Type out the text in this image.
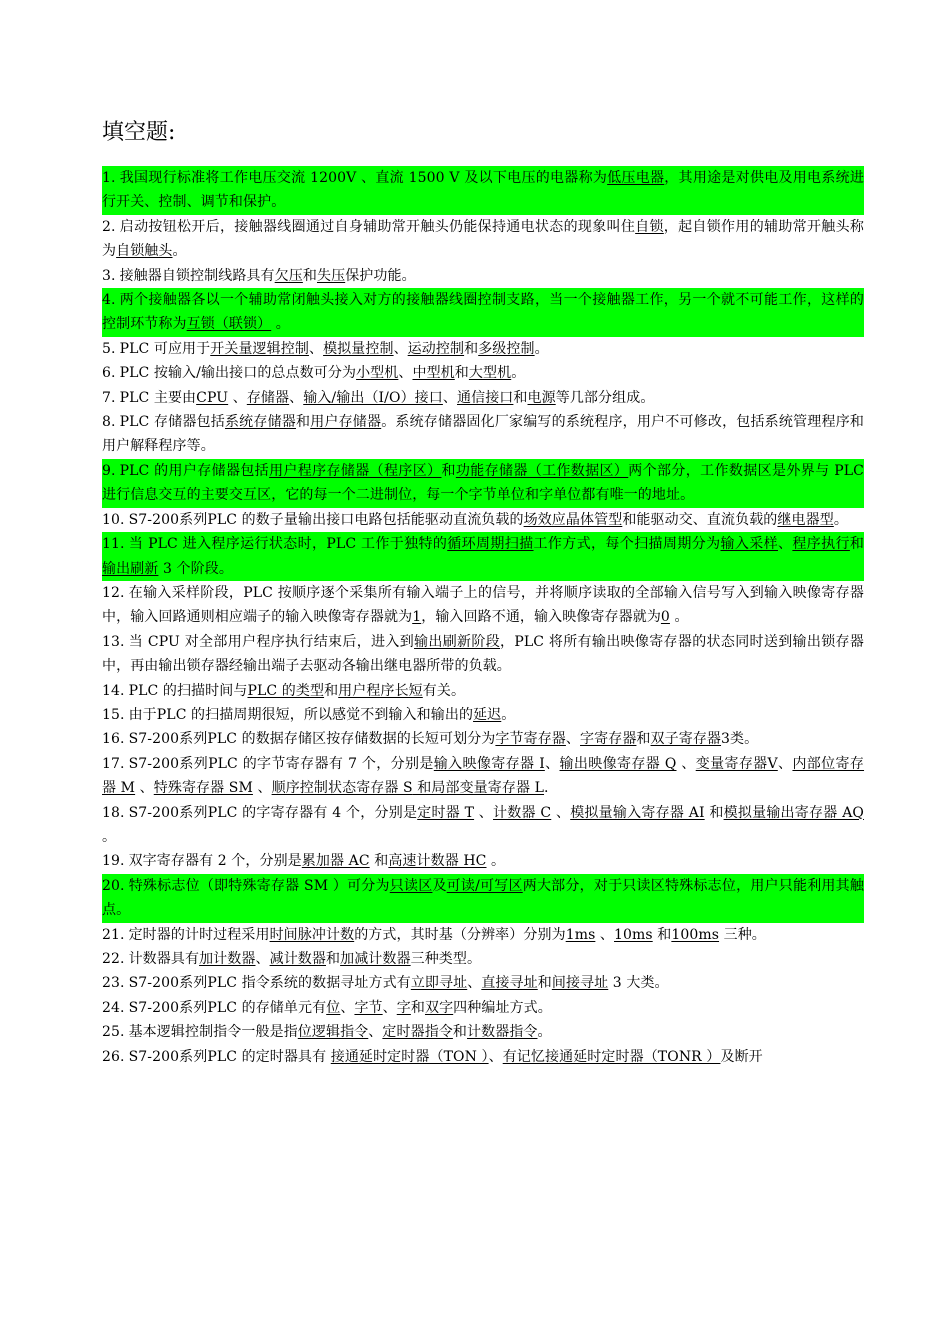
填空题:
1. 我国现行标准将工作电压交流 1200V 、直流 1500 V 及以下电压的电器称为低压电器，其用途是对供电及用电系统进行开关、控制、调节和保护。
2. 启动按钮松开后，接触器线圈通过自身辅助常开触头仍能保持通电状态的现象叫住自锁，起自锁作用的辅助常开触头称为自锁触头。
3. 接触器自锁控制线路具有欠压和失压保护功能。
4. 两个接触器各以一个辅助常闭触头接入对方的接触器线圈控制支路，当一个接触器工作，另一个就不可能工作，这样的控制环节称为互锁（联锁） 。
5. PLC 可应用于开关量逻辑控制、模拟量控制、运动控制和多级控制。
6. PLC 按输入/输出接口的总点数可分为小型机、中型机和大型机。
7. PLC 主要由CPU 、存储器、输入/输出（I/O）接口、通信接口和电源等几部分组成。
8. PLC 存储器包括系统存储器和用户存储器。系统存储器固化厂家编写的系统程序，用户不可修改，包括系统管理程序和用户解释程序等。
9. PLC 的用户存储器包括用户程序存储器（程序区）和功能存储器（工作数据区）两个部分，工作数据区是外界与 PLC 进行信息交互的主要交互区，它的每一个二进制位，每一个字节单位和字单位都有唯一的地址。
10. S7-200系列PLC 的数子量输出接口电路包括能驱动直流负载的场效应晶体管型和能驱动交、直流负载的继电器型。
11. 当 PLC 进入程序运行状态时，PLC 工作于独特的循环周期扫描工作方式，每个扫描周期分为输入采样、程序执行和输出刷新 3 个阶段。
12. 在输入采样阶段，PLC 按顺序逐个采集所有输入端子上的信号，并将顺序读取的全部输入信号写入到输入映像寄存器中，输入回路通则相应端子的输入映像寄存器就为1，输入回路不通，输入映像寄存器就为0 。
13. 当 CPU 对全部用户程序执行结束后，进入到输出刷新阶段，PLC 将所有输出映像寄存器的状态同时送到输出锁存器中，再由输出锁存器经输出端子去驱动各输出继电器所带的负载。
14. PLC 的扫描时间与PLC 的类型和用户程序长短有关。
15. 由于PLC 的扫描周期很短，所以感觉不到输入和输出的延迟。
16. S7-200系列PLC 的数据存储区按存储数据的长短可划分为字节寄存器、字寄存器和双子寄存器3类。
17. S7-200系列PLC 的字节寄存器有 7 个，分别是输入映像寄存器 I、输出映像寄存器 Q 、变量寄存器V、内部位寄存器 M 、特殊寄存器 SM 、顺序控制状态寄存器 S 和局部变量寄存器 L.
18. S7-200系列PLC 的字寄存器有 4 个，分别是定时器 T 、计数器 C 、模拟量输入寄存器 AI 和模拟量输出寄存器 AQ 。
19. 双字寄存器有 2 个，分别是累加器 AC 和高速计数器 HC 。
20. 特殊标志位（即特殊寄存器 SM ）可分为只读区及可读/可写区两大部分，对于只读区特殊标志位，用户只能利用其触点。
21. 定时器的计时过程采用时间脉冲计数的方式，其时基（分辨率）分别为1ms 、10ms 和100ms 三种。
22. 计数器具有加计数器、减计数器和加减计数器三种类型。
23. S7-200系列PLC 指令系统的数据寻址方式有立即寻址、直接寻址和间接寻址 3 大类。
24. S7-200系列PLC 的存储单元有位、字节、字和双字四种编址方式。
25. 基本逻辑控制指令一般是指位逻辑指令、定时器指令和计数器指令。
26. S7-200系列PLC 的定时器具有 接通延时定时器（TON ）、有记忆接通延时定时器（TONR ）及断开
